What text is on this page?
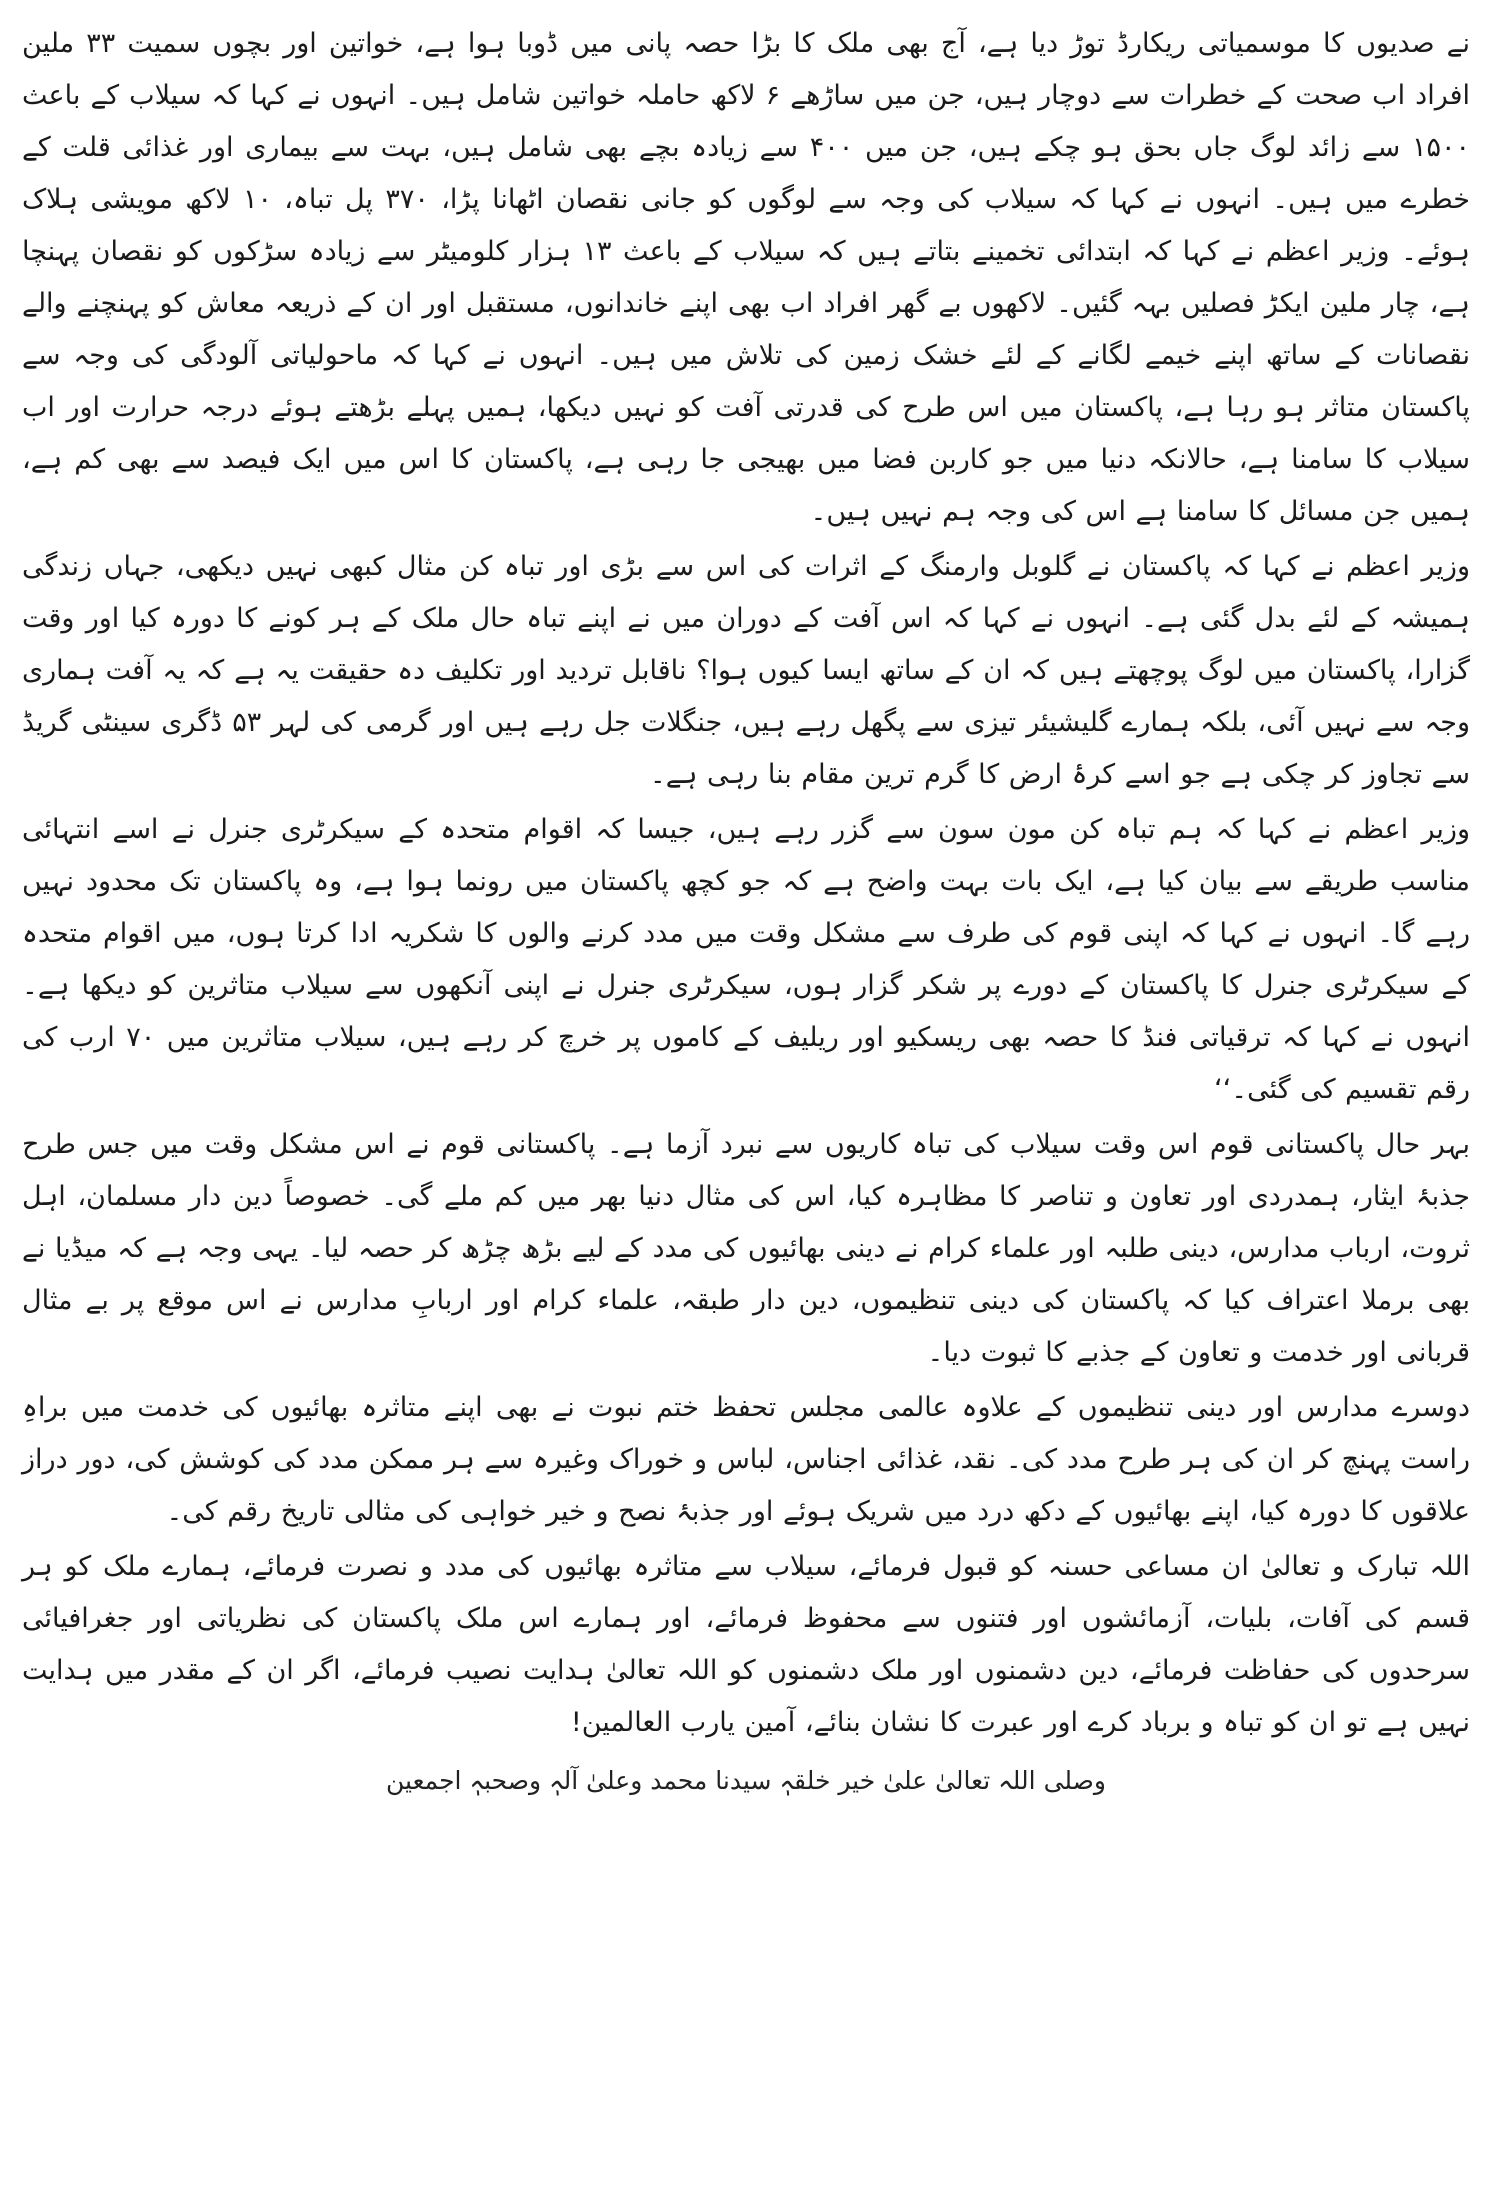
نے صدیوں کا موسمیاتی ریکارڈ توڑ دیا ہے، آج بھی ملک کا بڑا حصہ پانی میں ڈوبا ہوا ہے، خواتین اور بچوں سمیت ۳۳ ملین افراد اب صحت کے خطرات سے دوچار ہیں، جن میں ساڑھے ۶ لاکھ حاملہ خواتین شامل ہیں۔ انہوں نے کہا کہ سیلاب کے باعث ۱۵۰۰ سے زائد لوگ جاں بحق ہو چکے ہیں، جن میں ۴۰۰ سے زیادہ بچے بھی شامل ہیں، بہت سے بیماری اور غذائی قلت کے خطرے میں ہیں۔ انہوں نے کہا کہ سیلاب کی وجہ سے لوگوں کو جانی نقصان اٹھانا پڑا، ۳۷۰ پل تباہ، ۱۰ لاکھ مویشی ہلاک ہوئے۔ وزیر اعظم نے کہا کہ ابتدائی تخمینے بتاتے ہیں کہ سیلاب کے باعث ۱۳ ہزار کلومیٹر سے زیادہ سڑکوں کو نقصان پہنچا ہے، چار ملین ایکڑ فصلیں بہہ گئیں۔ لاکھوں بے گھر افراد اب بھی اپنے خاندانوں، مستقبل اور ان کے ذریعہ معاش کو پہنچنے والے نقصانات کے ساتھ اپنے خیمے لگانے کے لئے خشک زمین کی تلاش میں ہیں۔ انہوں نے کہا کہ ماحولیاتی آلودگی کی وجہ سے پاکستان متاثر ہو رہا ہے، پاکستان میں اس طرح کی قدرتی آفت کو نہیں دیکھا، ہمیں پہلے بڑھتے ہوئے درجہ حرارت اور اب سیلاب کا سامنا ہے، حالانکہ دنیا میں جو کاربن فضا میں بھیجی جا رہی ہے، پاکستان کا اس میں ایک فیصد سے بھی کم ہے، ہمیں جن مسائل کا سامنا ہے اس کی وجہ ہم نہیں ہیں۔

وزیر اعظم نے کہا کہ پاکستان نے گلوبل وارمنگ کے اثرات کی اس سے بڑی اور تباہ کن مثال کبھی نہیں دیکھی، جہاں زندگی ہمیشہ کے لئے بدل گئی ہے۔ انہوں نے کہا کہ اس آفت کے دوران میں نے اپنے تباہ حال ملک کے ہر کونے کا دورہ کیا اور وقت گزارا، پاکستان میں لوگ پوچھتے ہیں کہ ان کے ساتھ ایسا کیوں ہوا؟ ناقابل تردید اور تکلیف دہ حقیقت یہ ہے کہ یہ آفت ہماری وجہ سے نہیں آئی، بلکہ ہمارے گلیشیئر تیزی سے پگھل رہے ہیں، جنگلات جل رہے ہیں اور گرمی کی لہر ۵۳ ڈگری سینٹی گریڈ سے تجاوز کر چکی ہے جو اسے کرۂ ارض کا گرم ترین مقام بنا رہی ہے۔

وزیر اعظم نے کہا کہ ہم تباہ کن مون سون سے گزر رہے ہیں، جیسا کہ اقوام متحدہ کے سیکرٹری جنرل نے اسے انتہائی مناسب طریقے سے بیان کیا ہے، ایک بات بہت واضح ہے کہ جو کچھ پاکستان میں رونما ہوا ہے، وہ پاکستان تک محدود نہیں رہے گا۔ انہوں نے کہا کہ اپنی قوم کی طرف سے مشکل وقت میں مدد کرنے والوں کا شکریہ ادا کرتا ہوں، میں اقوام متحدہ کے سیکرٹری جنرل کا پاکستان کے دورے پر شکر گزار ہوں، سیکرٹری جنرل نے اپنی آنکھوں سے سیلاب متاثرین کو دیکھا ہے۔ انہوں نے کہا کہ ترقیاتی فنڈ کا حصہ بھی ریسکیو اور ریلیف کے کاموں پر خرچ کر رہے ہیں، سیلاب متاثرین میں ۷۰ ارب کی رقم تقسیم کی گئی۔‘‘

بہر حال پاکستانی قوم اس وقت سیلاب کی تباہ کاریوں سے نبرد آزما ہے۔ پاکستانی قوم نے اس مشکل وقت میں جس طرح جذبۂ ایثار، ہمدردی اور تعاون و تناصر کا مظاہرہ کیا، اس کی مثال دنیا بھر میں کم ملے گی۔ خصوصاً دین دار مسلمان، اہل ثروت، ارباب مدارس، دینی طلبہ اور علماء کرام نے دینی بھائیوں کی مدد کے لیے بڑھ چڑھ کر حصہ لیا۔ یہی وجہ ہے کہ میڈیا نے بھی برملا اعتراف کیا کہ پاکستان کی دینی تنظیموں، دین دار طبقہ، علماء کرام اور اربابِ مدارس نے اس موقع پر بے مثال قربانی اور خدمت و تعاون کے جذبے کا ثبوت دیا۔

دوسرے مدارس اور دینی تنظیموں کے علاوہ عالمی مجلس تحفظ ختم نبوت نے بھی اپنے متاثرہ بھائیوں کی خدمت میں براہِ راست پہنچ کر ان کی ہر طرح مدد کی۔ نقد، غذائی اجناس، لباس و خوراک وغیرہ سے ہر ممکن مدد کی کوشش کی، دور دراز علاقوں کا دورہ کیا، اپنے بھائیوں کے دکھ درد میں شریک ہوئے اور جذبۂ نصح و خیر خواہی کی مثالی تاریخ رقم کی۔

اللہ تبارک و تعالیٰ ان مساعی حسنہ کو قبول فرمائے، سیلاب سے متاثرہ بھائیوں کی مدد و نصرت فرمائے، ہمارے ملک کو ہر قسم کی آفات، بلیات، آزمائشوں اور فتنوں سے محفوظ فرمائے، اور ہمارے اس ملک پاکستان کی نظریاتی اور جغرافیائی سرحدوں کی حفاظت فرمائے، دین دشمنوں اور ملک دشمنوں کو اللہ تعالیٰ ہدایت نصیب فرمائے، اگر ان کے مقدر میں ہدایت نہیں ہے تو ان کو تباہ و برباد کرے اور عبرت کا نشان بنائے، آمین یارب العالمین!

وصلی اللہ تعالیٰ علیٰ خیر خلقہٖ سیدنا محمد وعلیٰ آلہٖ وصحبہٖ اجمعین
